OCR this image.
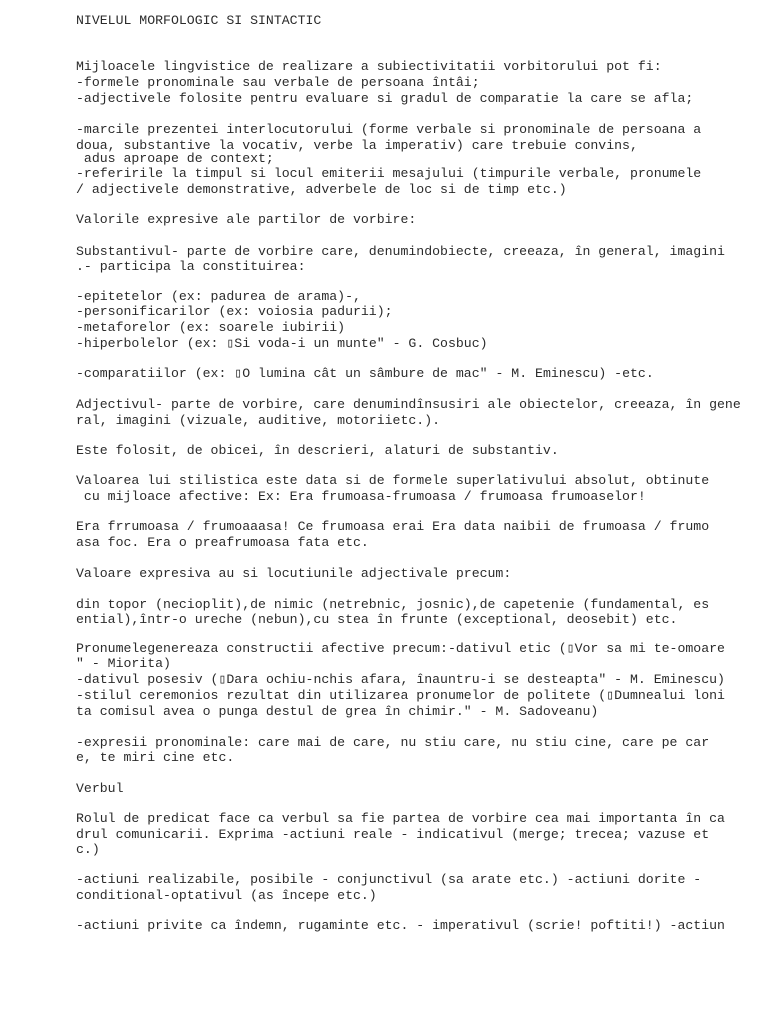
NIVELUL MORFOLOGIC SI SINTACTIC

Mijloacele lingvistice de realizare a subiectivitatii vorbitorului pot fi:

-formele pronominale sau verbale de persoana întâi;

-adjectivele folosite pentru evaluare si gradul de comparatie la care se afla;

-marcile prezentei interlocutorului (forme verbale si pronominale de persoana a

doua, substantive la vocativ, verbe la imperativ) care trebuie convins,

adus aproape de context;

-referirile la timpul si locul emiterii mesajului (timpurile verbale, pronumele

/ adjectivele demonstrative, adverbele de loc si de timp etc.)

Valorile expresive ale partilor de vorbire:

Substantivul- parte de vorbire care, denumindobiecte, creeaza, în general, imagini

.- participa la constituirea:

-epitetelor (ex: padurea de arama)-,

-personificarilor (ex: voiosia padurii);

-metaforelor (ex: soarele iubirii)

-hiperbolelor (ex: ▯Si voda-i un munte" - G. Cosbuc)

-comparatiilor (ex: ▯O lumina cât un sâmbure de mac" - M. Eminescu) -etc.

Adjectivul- parte de vorbire, care denumindînsusiri ale obiectelor, creeaza, în gene

ral, imagini (vizuale, auditive, motoriietc.).

Este folosit, de obicei, în descrieri, alaturi de substantiv.

Valoarea lui stilistica este data si de formele superlativului absolut, obtinute

cu mijloace afective: Ex: Era frumoasa-frumoasa / frumoasa frumoaselor!

Era frrumoasa / frumoaaasa! Ce frumoasa erai Era data naibii de frumoasa / frumo

asa foc. Era o preafrumoasa fata etc.

Valoare expresiva au si locutiunile adjectivale precum:

din topor (necioplit),de nimic (netrebnic, josnic),de capetenie (fundamental, es

ential),într-o ureche (nebun),cu stea în frunte (exceptional, deosebit) etc.

Pronumelegenereaza constructii afective precum:-dativul etic (▯Vor sa mi te-omoare

" - Miorita)

-dativul posesiv (▯Dara ochiu-nchis afara, înauntru-i se desteapta" - M. Eminescu)

-stilul ceremonios rezultat din utilizarea pronumelor de politete (▯Dumnealui loni

ta comisul avea o punga destul de grea în chimir." - M. Sadoveanu)

-expresii pronominale: care mai de care, nu stiu care, nu stiu cine, care pe car

e, te miri cine etc.

Verbul

Rolul de predicat face ca verbul sa fie partea de vorbire cea mai importanta în ca

drul comunicarii. Exprima -actiuni reale - indicativul (merge; trecea; vazuse et

c.)

-actiuni realizabile, posibile - conjunctivul (sa arate etc.) -actiuni dorite -

conditional-optativul (as începe etc.)

-actiuni privite ca îndemn, rugaminte etc. - imperativul (scrie! poftiti!) -actiun
